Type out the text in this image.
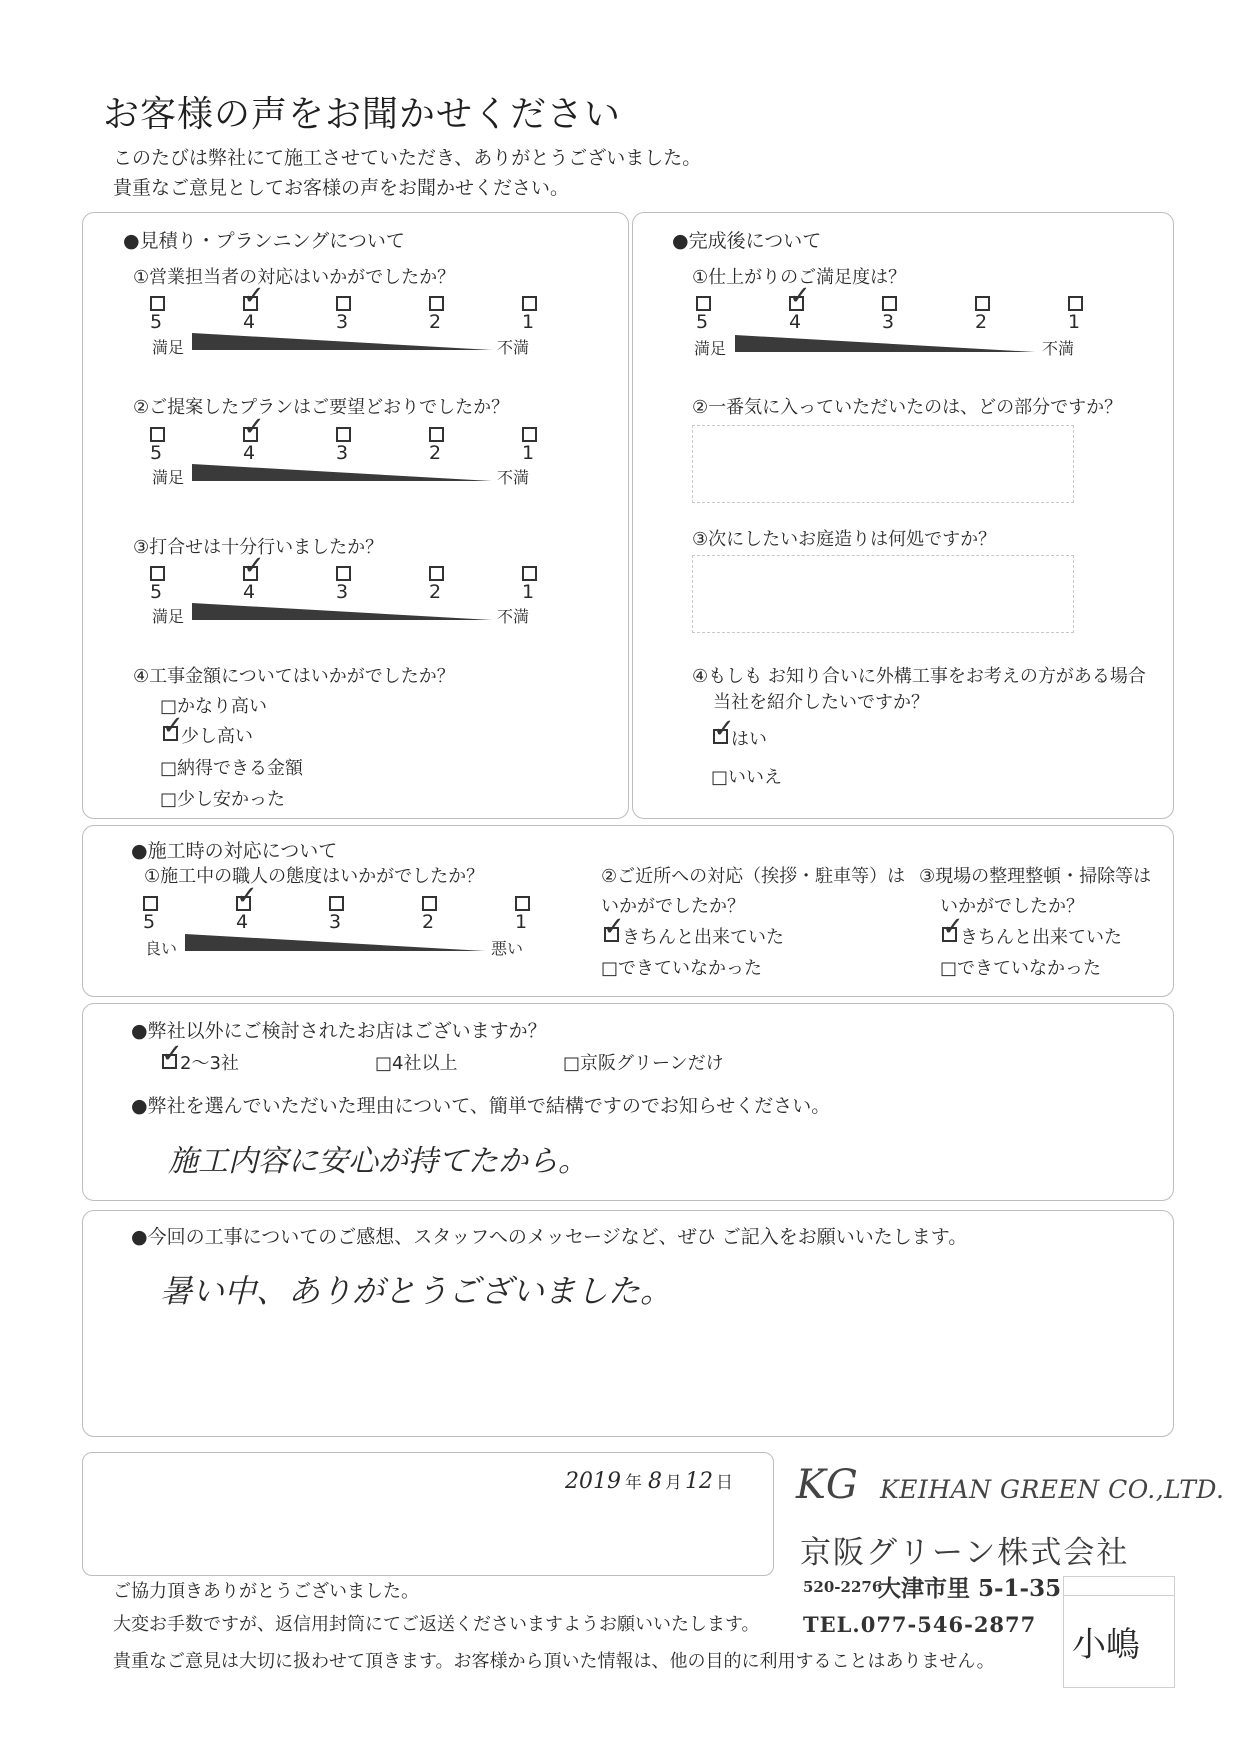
お客様の声をお聞かせください
このたびは弊社にて施工させていただき、ありがとうございました。
貴重なご意見としてお客様の声をお聞かせください。
●見積り・プランニングについて
①営業担当者の対応はいかがでしたか？
✓
5	4	3	2	1
満足	不満
②ご提案したプランはご要望どおりでしたか？
✓
5	4	3	2	1
満足	不満
③打合せは十分行いましたか？
✓
5	4	3	2	1
満足	不満
④工事金額についてはいかがでしたか？
□かなり高い
✓
少し高い
□納得できる金額
□少し安かった
●完成後について
①仕上がりのご満足度は？
✓
5	4	3	2	1
満足	不満
②一番気に入っていただいたのは、どの部分ですか？
③次にしたいお庭造りは何処ですか？
④もしも お知り合いに外構工事をお考えの方がある場合
当社を紹介したいですか？
✓
はい
□いいえ
●施工時の対応について
①施工中の職人の態度はいかがでしたか？
✓
5	4	3	2	1
良い	悪い
②ご近所への対応（挨拶・駐車等）は
いかがでしたか？
✓
きちんと出来ていた
□できていなかった
③現場の整理整頓・掃除等は
いかがでしたか？
✓
きちんと出来ていた
□できていなかった
●弊社以外にご検討されたお店はございますか？
✓
2～3社	□4社以上	□京阪グリーンだけ
●弊社を選んでいただいた理由について、簡単で結構ですのでお知らせください。
施工内容に安心が持てたから。
●今回の工事についてのご感想、スタッフへのメッセージなど、ぜひ ご記入をお願いいたします。
暑い中、ありがとうございました。
2019 年 8 月 12 日 KG KEIHAN GREEN CO.,LTD.
京阪グリーン株式会社
520-2276
大津市里 5-1-35
TEL.077-546-2877
小嶋
ご協力頂きありがとうございました。
大変お手数ですが、返信用封筒にてご返送くださいますようお願いいたします。
貴重なご意見は大切に扱わせて頂きます。お客様から頂いた情報は、他の目的に利用することはありません。
